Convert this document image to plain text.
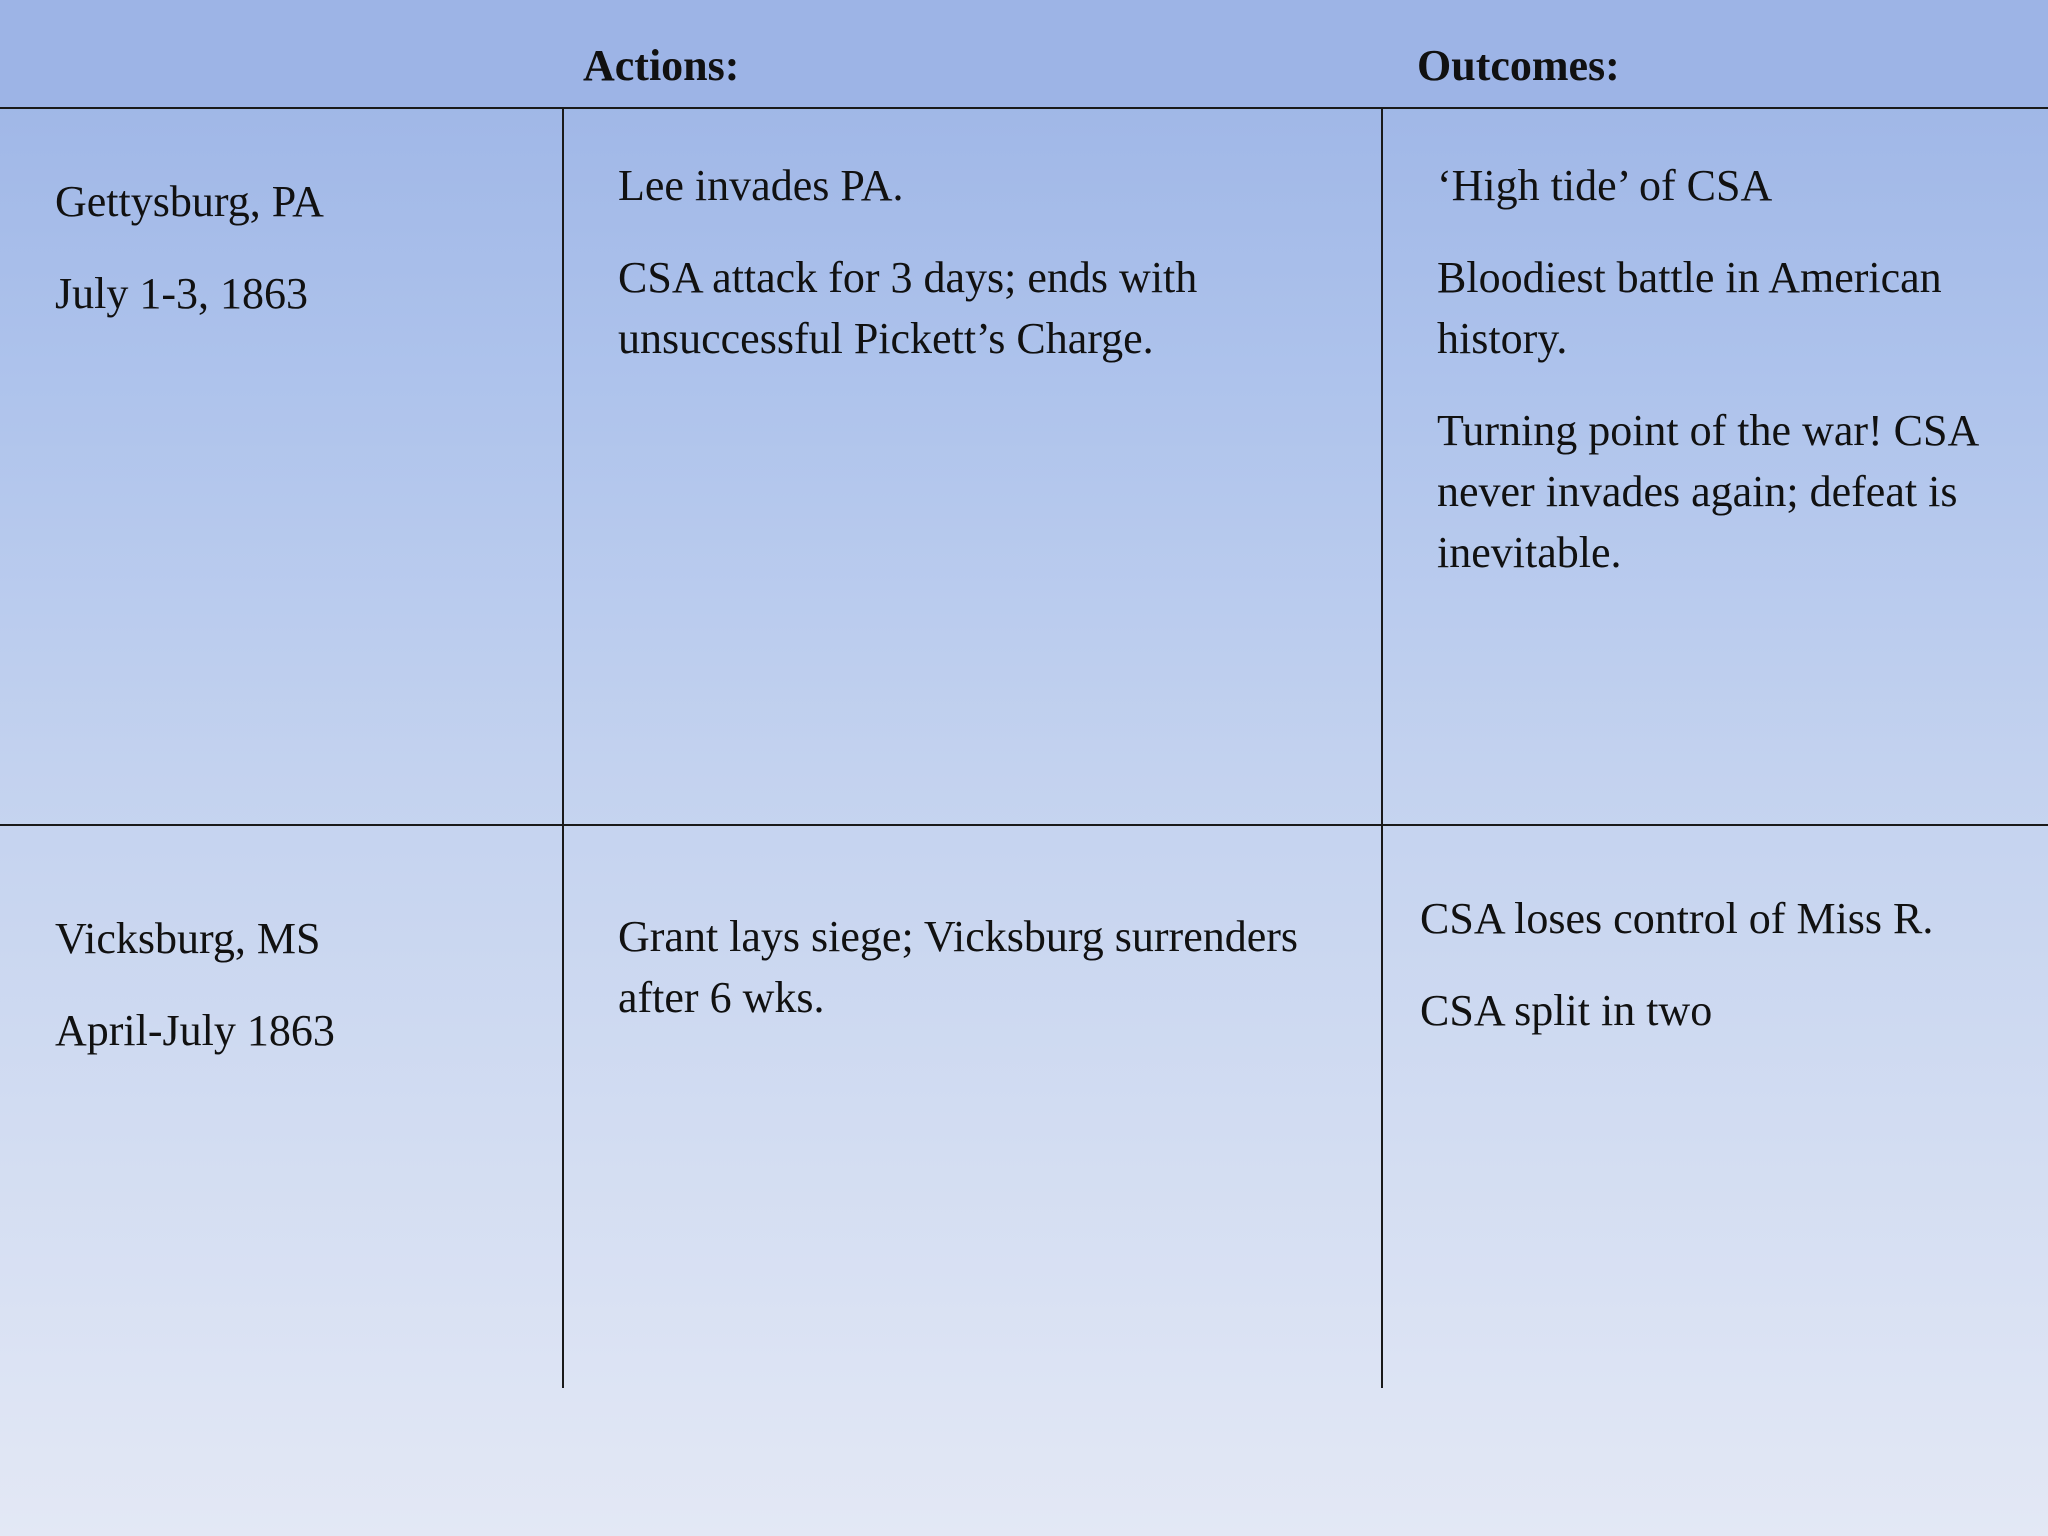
Actions:	Outcomes:

Gettysburg, PA

July 1-3, 1863

Lee invades PA.

CSA attack for 3 days; ends with unsuccessful Pickett’s Charge.

‘High tide’ of CSA

Bloodiest battle in American history.

Turning point of the war! CSA never invades again; defeat is inevitable.

Vicksburg, MS

April-July 1863

Grant lays siege; Vicksburg surrenders after 6 wks.

CSA loses control of Miss R.

CSA split in two
